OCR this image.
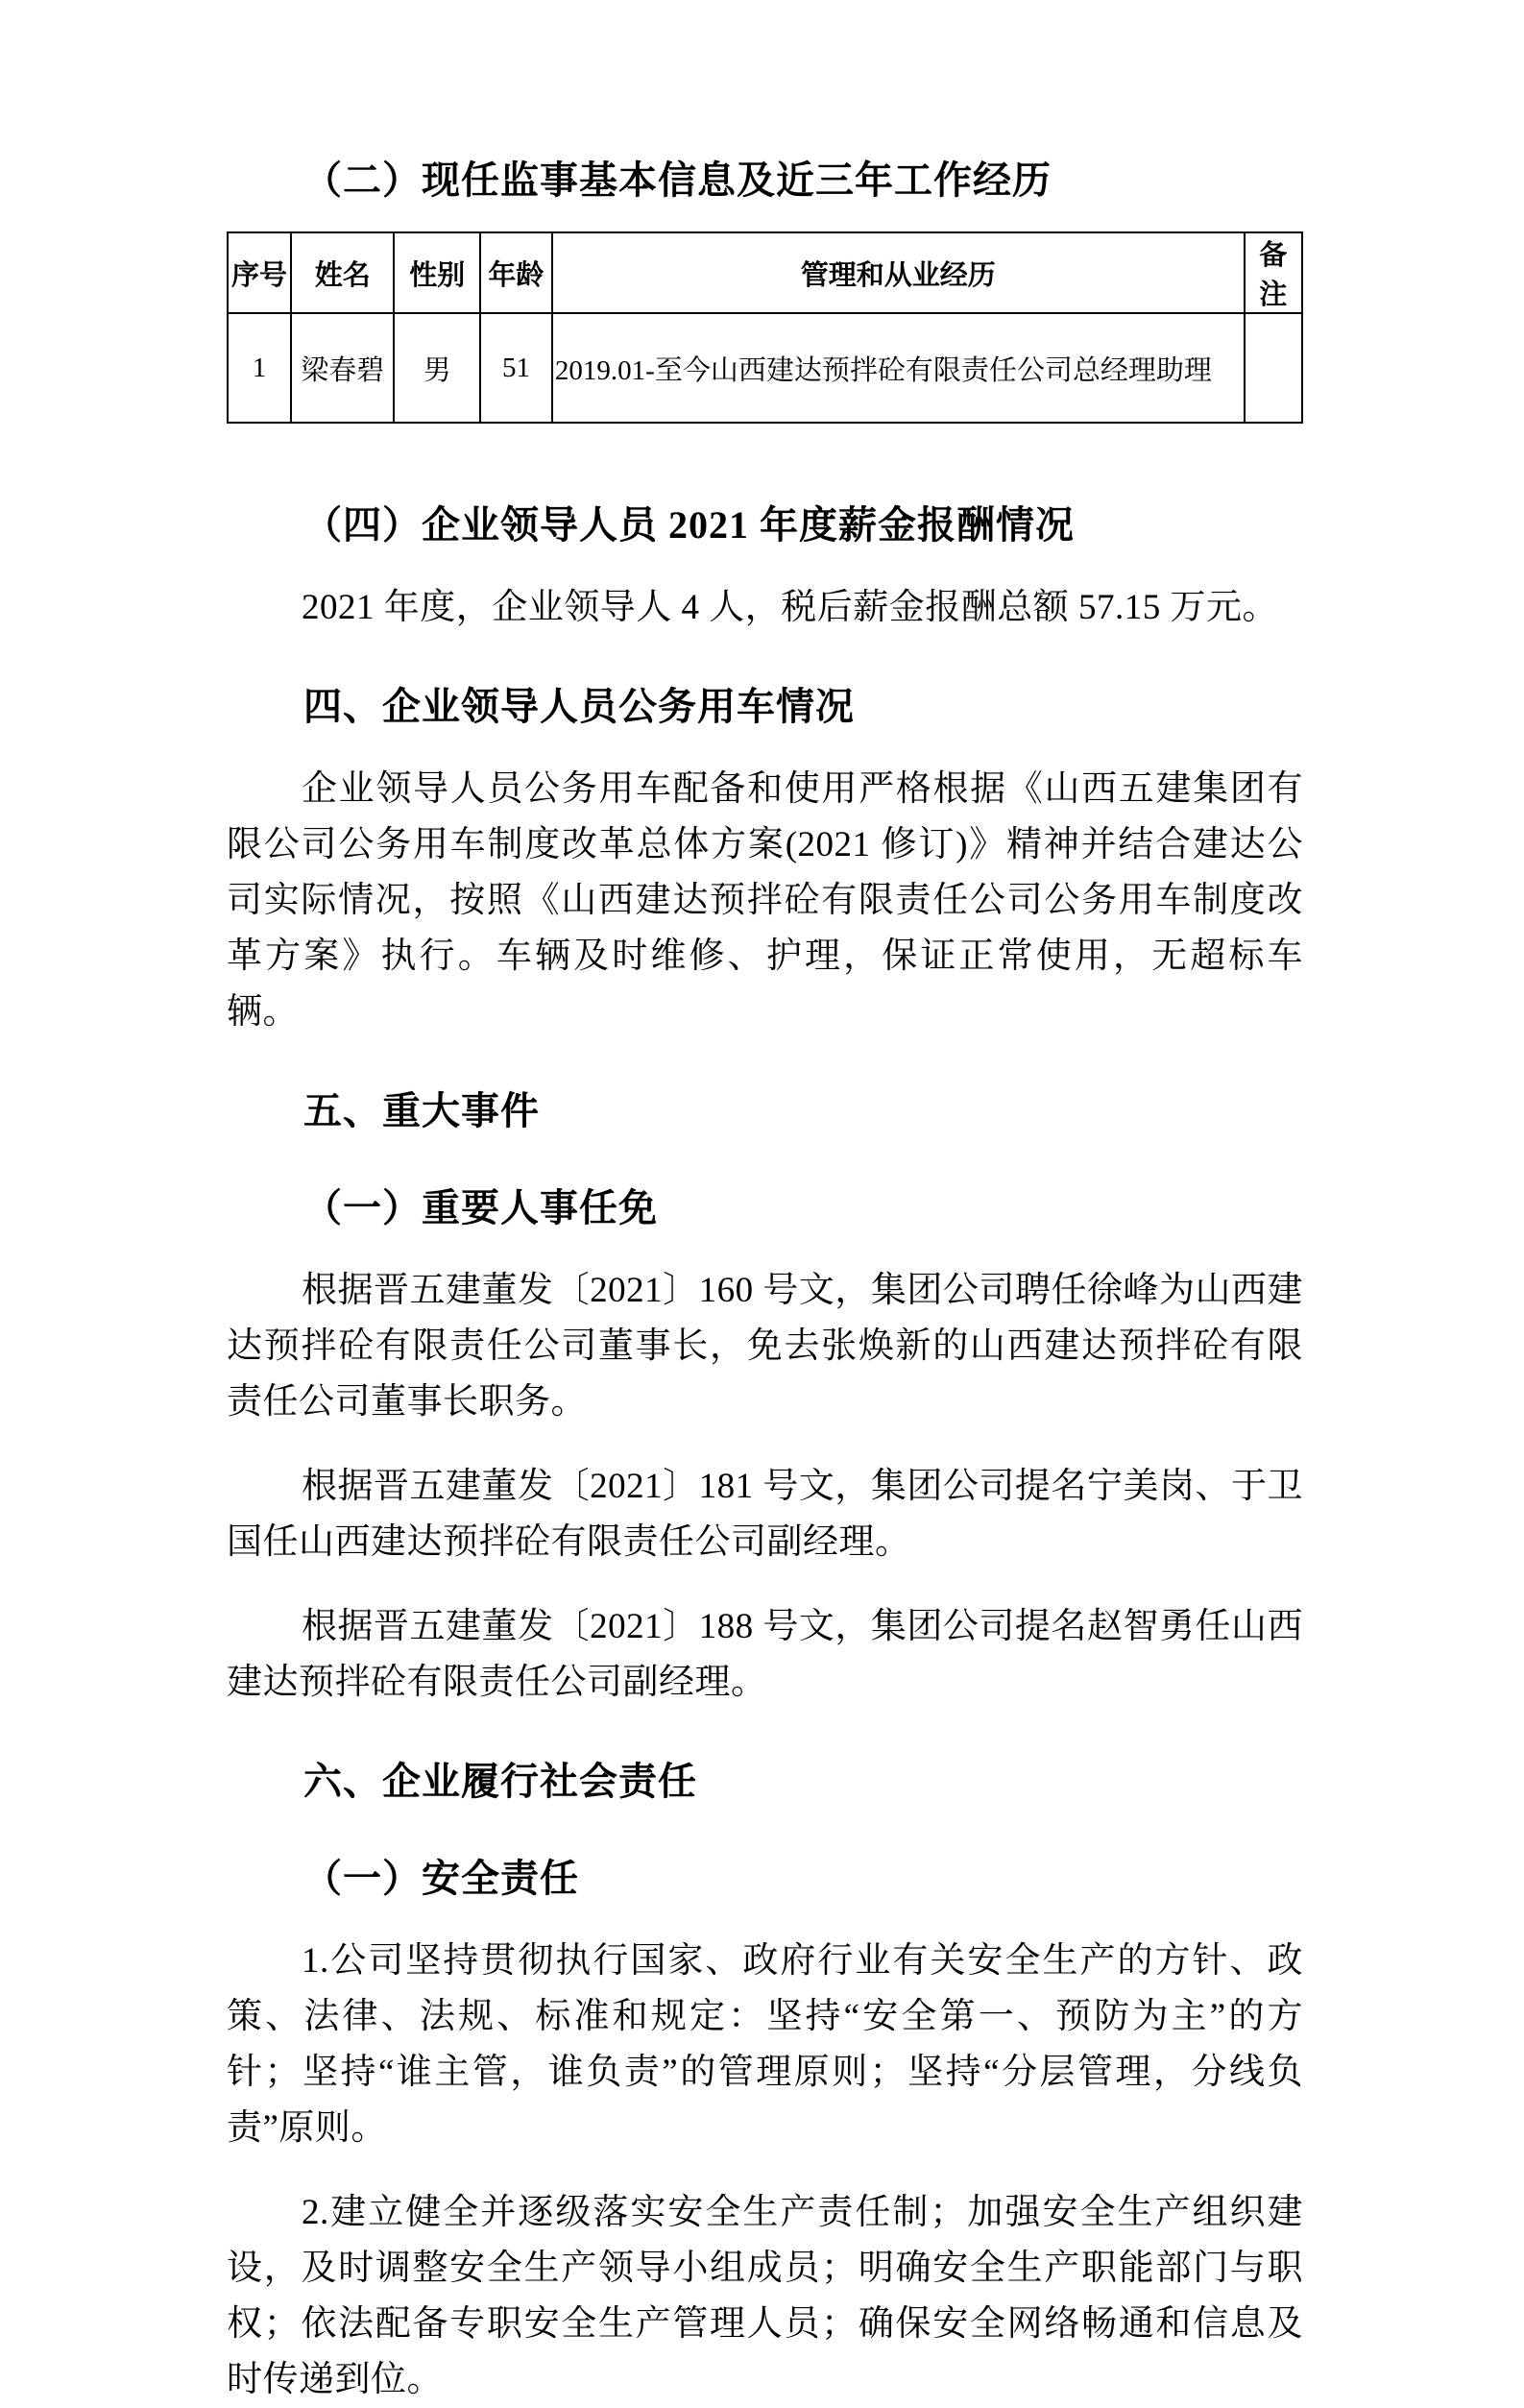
（二）现任监事基本信息及近三年工作经历
序号	姓名	性别	年龄	管理和从业经历	备注
1	梁春碧	男	51	2019.01-至今山西建达预拌砼有限责任公司总经理助理	
（四）企业领导人员 2021 年度薪金报酬情况

2021 年度，企业领导人 4 人，税后薪金报酬总额 57.15 万元。

四、企业领导人员公务用车情况

企业领导人员公务用车配备和使用严格根据《山西五建集团有限公司公务用车制度改革总体方案(2021 修订)》精神并结合建达公司实际情况，按照《山西建达预拌砼有限责任公司公务用车制度改革方案》执行。车辆及时维修、护理，保证正常使用，无超标车辆。

五、重大事件
（一）重要人事任免

根据晋五建董发〔2021〕160 号文，集团公司聘任徐峰为山西建达预拌砼有限责任公司董事长，免去张焕新的山西建达预拌砼有限责任公司董事长职务。

根据晋五建董发〔2021〕181 号文，集团公司提名宁美岗、于卫国任山西建达预拌砼有限责任公司副经理。

根据晋五建董发〔2021〕188 号文，集团公司提名赵智勇任山西建达预拌砼有限责任公司副经理。

六、企业履行社会责任
（一）安全责任

1.公司坚持贯彻执行国家、政府行业有关安全生产的方针、政策、法律、法规、标准和规定：坚持“安全第一、预防为主”的方针；坚持“谁主管，谁负责”的管理原则；坚持“分层管理，分线负责”原则。

2.建立健全并逐级落实安全生产责任制；加强安全生产组织建设，及时调整安全生产领导小组成员；明确安全生产职能部门与职权；依法配备专职安全生产管理人员；确保安全网络畅通和信息及时传递到位。
